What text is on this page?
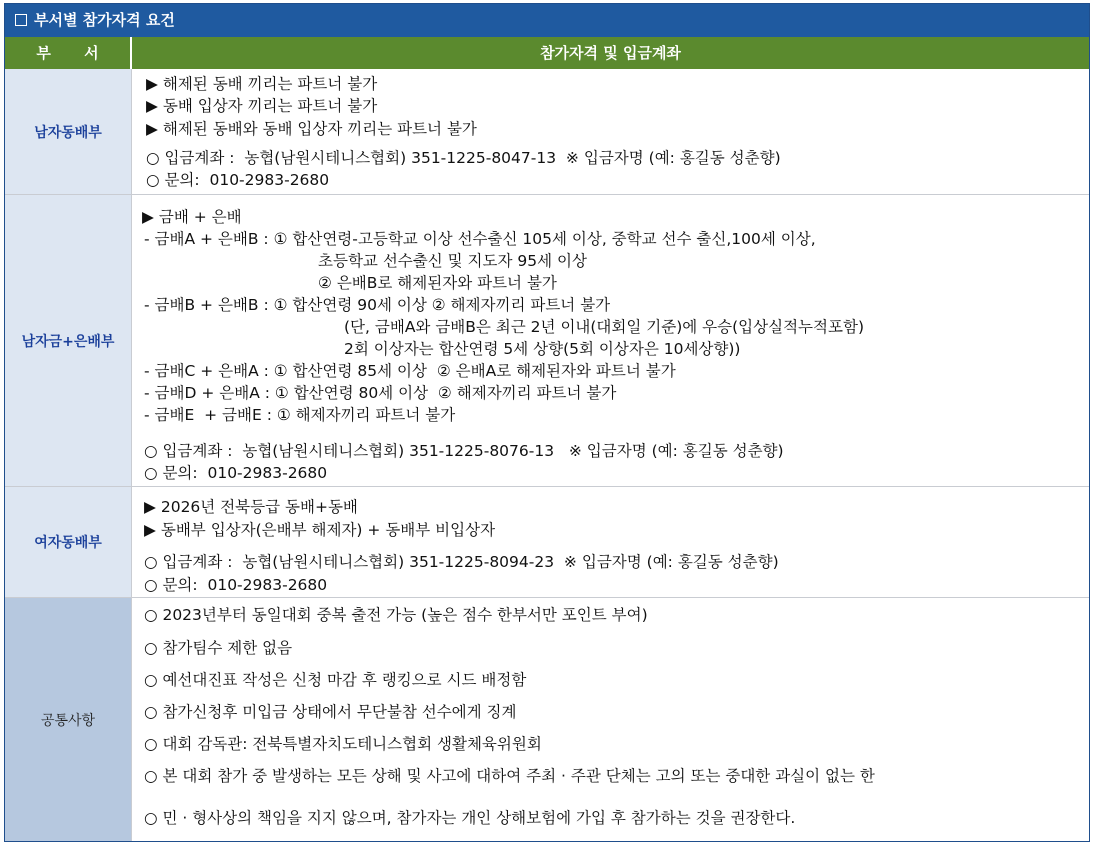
부서별 참가자격 요건
부 서	참가자격 및 입금계좌
남자동배부
▶ 해제된 동배 끼리는 파트너 불가
▶ 동배 입상자 끼리는 파트너 불가
▶ 해제된 동배와 동배 입상자 끼리는 파트너 불가
○ 입금계좌 :  농협(남원시테니스협회) 351-1225-8047-13  ※ 입금자명 (예: 홍길동 성춘향)
○ 문의:  010-2983-2680
남자금+은배부
▶ 금배 + 은배
- 금배A + 은배B : ① 합산연령-고등학교 이상 선수출신 105세 이상, 중학교 선수 출신,100세 이상,
초등학교 선수출신 및 지도자 95세 이상
② 은배B로 해제된자와 파트너 불가
- 금배B + 은배B : ① 합산연령 90세 이상 ② 해제자끼리 파트너 불가
(단, 금배A와 금배B은 최근 2년 이내(대회일 기준)에 우승(입상실적누적포함)
2회 이상자는 합산연령 5세 상향(5회 이상자은 10세상향))
- 금배C + 은배A : ① 합산연령 85세 이상  ② 은배A로 해제된자와 파트너 불가
- 금배D + 은배A : ① 합산연령 80세 이상  ② 해제자끼리 파트너 불가
- 금배E  + 금배E : ① 해제자끼리 파트너 불가
○ 입금계좌 :  농협(남원시테니스협회) 351-1225-8076-13   ※ 입금자명 (예: 홍길동 성춘향)
○ 문의:  010-2983-2680
여자동배부
▶ 2026년 전북등급 동배+동배
▶ 동배부 입상자(은배부 해제자) + 동배부 비입상자
○ 입금계좌 :  농협(남원시테니스협회) 351-1225-8094-23  ※ 입금자명 (예: 홍길동 성춘향)
○ 문의:  010-2983-2680
공통사항
○ 2023년부터 동일대회 중복 출전 가능 (높은 점수 한부서만 포인트 부여)
○ 참가팀수 제한 없음
○ 예선대진표 작성은 신청 마감 후 랭킹으로 시드 배정함
○ 참가신청후 미입금 상태에서 무단불참 선수에게 징계
○ 대회 감독관: 전북특별자치도테니스협회 생활체육위원회
○ 본 대회 참가 중 발생하는 모든 상해 및 사고에 대하여 주최 · 주관 단체는 고의 또는 중대한 과실이 없는 한
○ 민 · 형사상의 책임을 지지 않으며, 참가자는 개인 상해보험에 가입 후 참가하는 것을 권장한다.
